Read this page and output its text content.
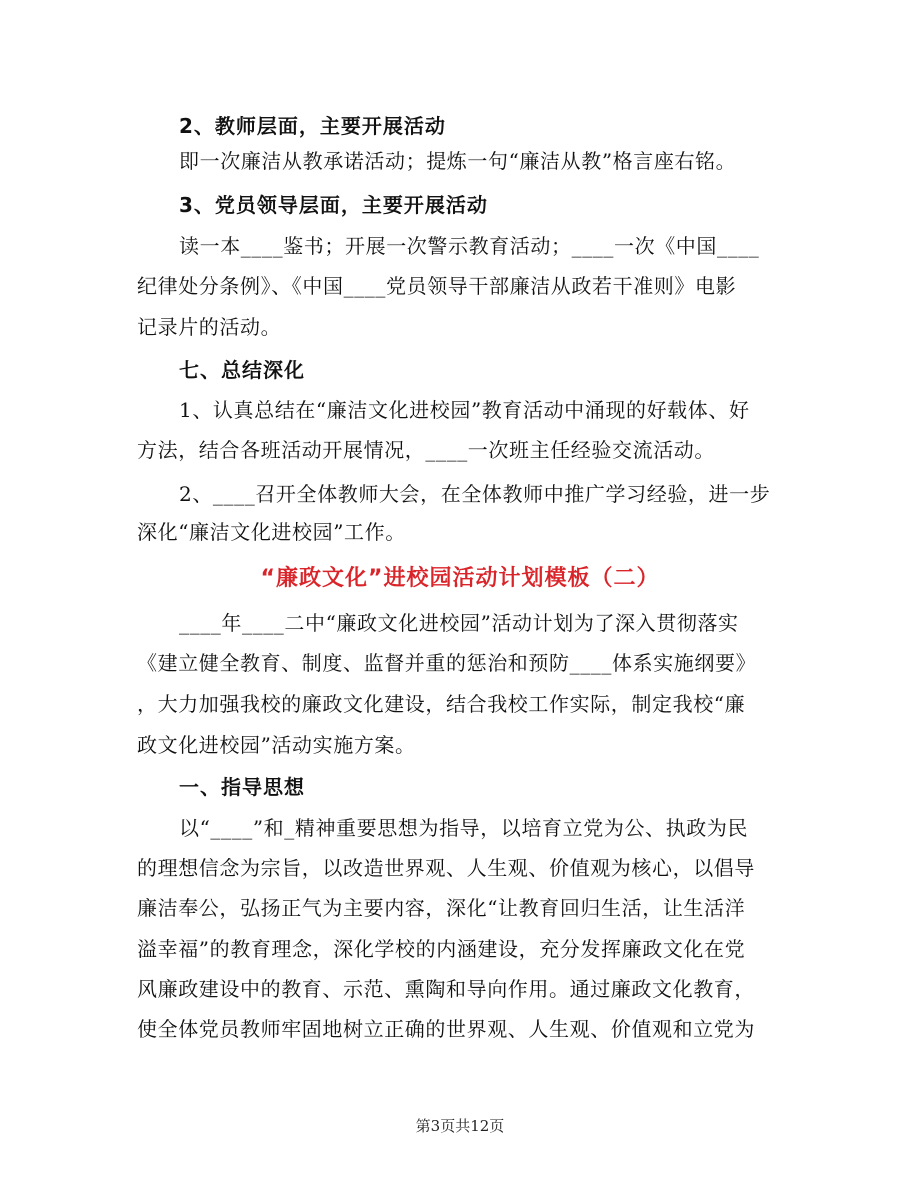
2、教师层面，主要开展活动
即一次廉洁从教承诺活动；提炼一句“廉洁从教”格言座右铭。
3、党员领导层面，主要开展活动
读一本____鉴书；开展一次警示教育活动；____一次《中国____
纪律处分条例》、《中国____党员领导干部廉洁从政若干准则》电影
记录片的活动。
七、总结深化
1、认真总结在“廉洁文化进校园”教育活动中涌现的好载体、好
方法，结合各班活动开展情况，____一次班主任经验交流活动。
2、____召开全体教师大会，在全体教师中推广学习经验，进一步
深化“廉洁文化进校园”工作。
“廉政文化”进校园活动计划模板（二）
____年____二中“廉政文化进校园”活动计划为了深入贯彻落实
《建立健全教育、制度、监督并重的惩治和预防____体系实施纲要》
，大力加强我校的廉政文化建设，结合我校工作实际，制定我校“廉
政文化进校园”活动实施方案。
一、指导思想
以“____”和_精神重要思想为指导，以培育立党为公、执政为民
的理想信念为宗旨，以改造世界观、人生观、价值观为核心，以倡导
廉洁奉公，弘扬正气为主要内容，深化“让教育回归生活，让生活洋
溢幸福”的教育理念，深化学校的内涵建设，充分发挥廉政文化在党
风廉政建设中的教育、示范、熏陶和导向作用。通过廉政文化教育，
使全体党员教师牢固地树立正确的世界观、人生观、价值观和立党为
第3页共12页
